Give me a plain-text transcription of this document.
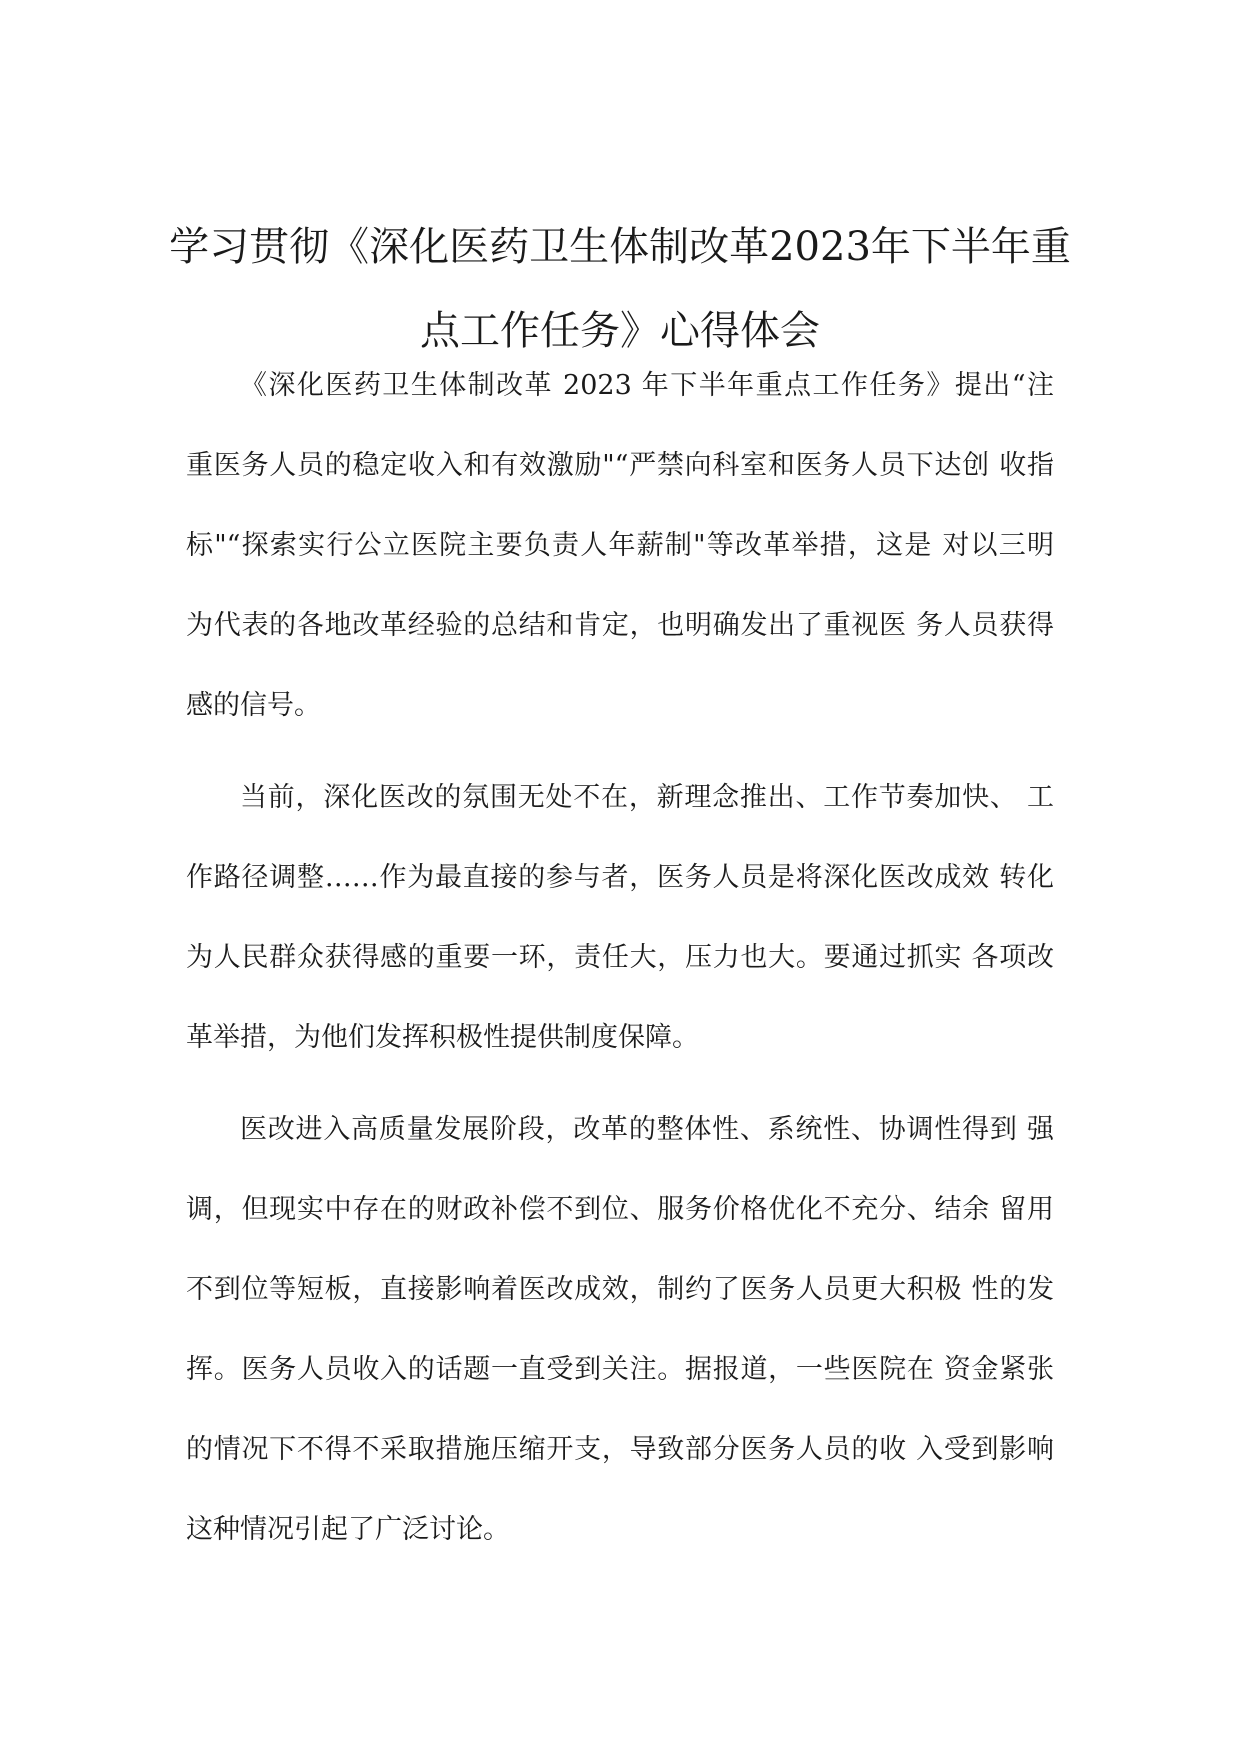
学习贯彻《深化医药卫生体制改革2023年下半年重
点工作任务》心得体会
《深化医药卫生体制改革 2023 年下半年重点工作任务》提出“注
重医务人员的稳定收入和有效激励"“严禁向科室和医务人员下达创 收指
标"“探索实行公立医院主要负责人年薪制"等改革举措，这是 对以三明
为代表的各地改革经验的总结和肯定，也明确发出了重视医 务人员获得
感的信号。
当前，深化医改的氛围无处不在，新理念推出、工作节奏加快、 工
作路径调整……作为最直接的参与者，医务人员是将深化医改成效 转化
为人民群众获得感的重要一环，责任大，压力也大。要通过抓实 各项改
革举措，为他们发挥积极性提供制度保障。
医改进入高质量发展阶段，改革的整体性、系统性、协调性得到 强
调，但现实中存在的财政补偿不到位、服务价格优化不充分、结余 留用
不到位等短板，直接影响着医改成效，制约了医务人员更大积极 性的发
挥。医务人员收入的话题一直受到关注。据报道，一些医院在 资金紧张
的情况下不得不采取措施压缩开支，导致部分医务人员的收 入受到影响
这种情况引起了广泛讨论。
